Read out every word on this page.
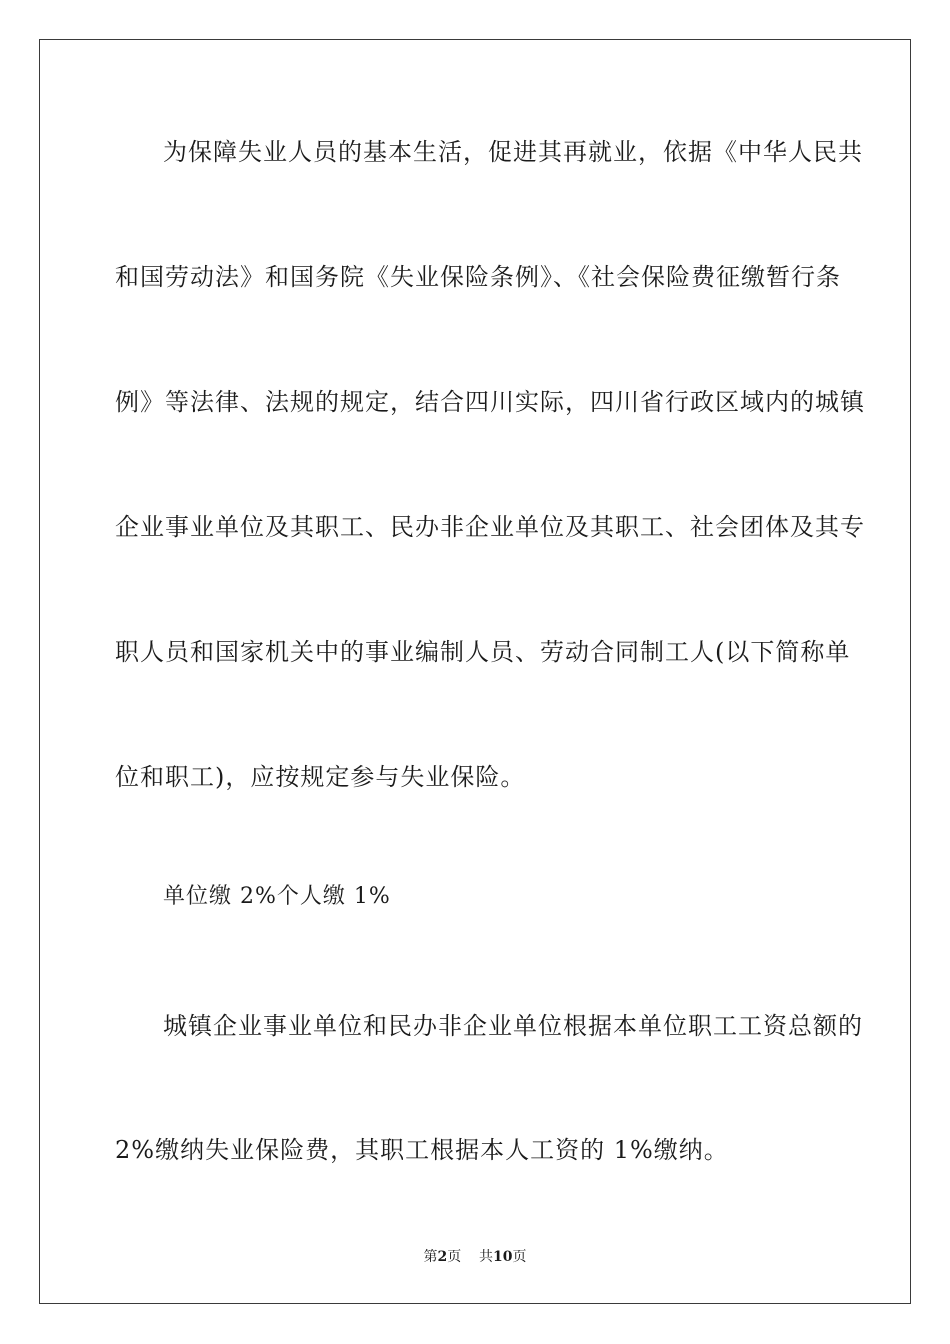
为保障失业人员的基本生活，促进其再就业，依据《中华人民共
和国劳动法》和国务院《失业保险条例》、《社会保险费征缴暂行条
例》等法律、法规的规定，结合四川实际，四川省行政区域内的城镇
企业事业单位及其职工、民办非企业单位及其职工、社会团体及其专
职人员和国家机关中的事业编制人员、劳动合同制工人(以下简称单
位和职工)，应按规定参与失业保险。
单位缴 2%个人缴 1%
城镇企业事业单位和民办非企业单位根据本单位职工工资总额的
2%缴纳失业保险费，其职工根据本人工资的 1%缴纳。
第2页 共10页
